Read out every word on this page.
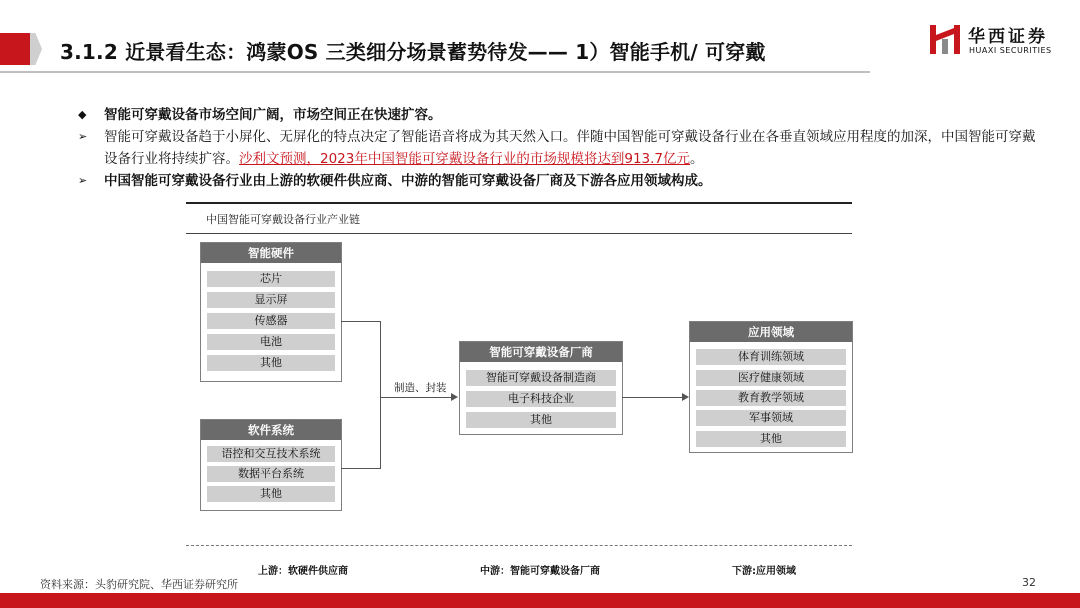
3.1.2 近景看生态：鸿蒙OS 三类细分场景蓄势待发—— 1）智能手机/ 可穿戴
华西证券
HUAXI SECURITIES
◆	智能可穿戴设备市场空间广阔，市场空间正在快速扩容。
➢	智能可穿戴设备趋于小屏化、无屏化的特点决定了智能语音将成为其天然入口。伴随中国智能可穿戴设备行业在各垂直领域应用程度的加深，中国智能可穿戴设备行业将持续扩容。沙利文预测，2023年中国智能可穿戴设备行业的市场规模将达到913.7亿元。
➢	中国智能可穿戴设备行业由上游的软硬件供应商、中游的智能可穿戴设备厂商及下游各应用领域构成。
中国智能可穿戴设备行业产业链
智能硬件
芯片
显示屏
传感器
电池
其他
软件系统
语控和交互技术系统
数据平台系统
其他
制造、封装
智能可穿戴设备厂商
智能可穿戴设备制造商
电子科技企业
其他
应用领域
体育训练领域
医疗健康领域
教育教学领域
军事领域
其他
上游：软硬件供应商	中游：智能可穿戴设备厂商	下游:应用领域
资料来源：头豹研究院、华西证券研究所	32
